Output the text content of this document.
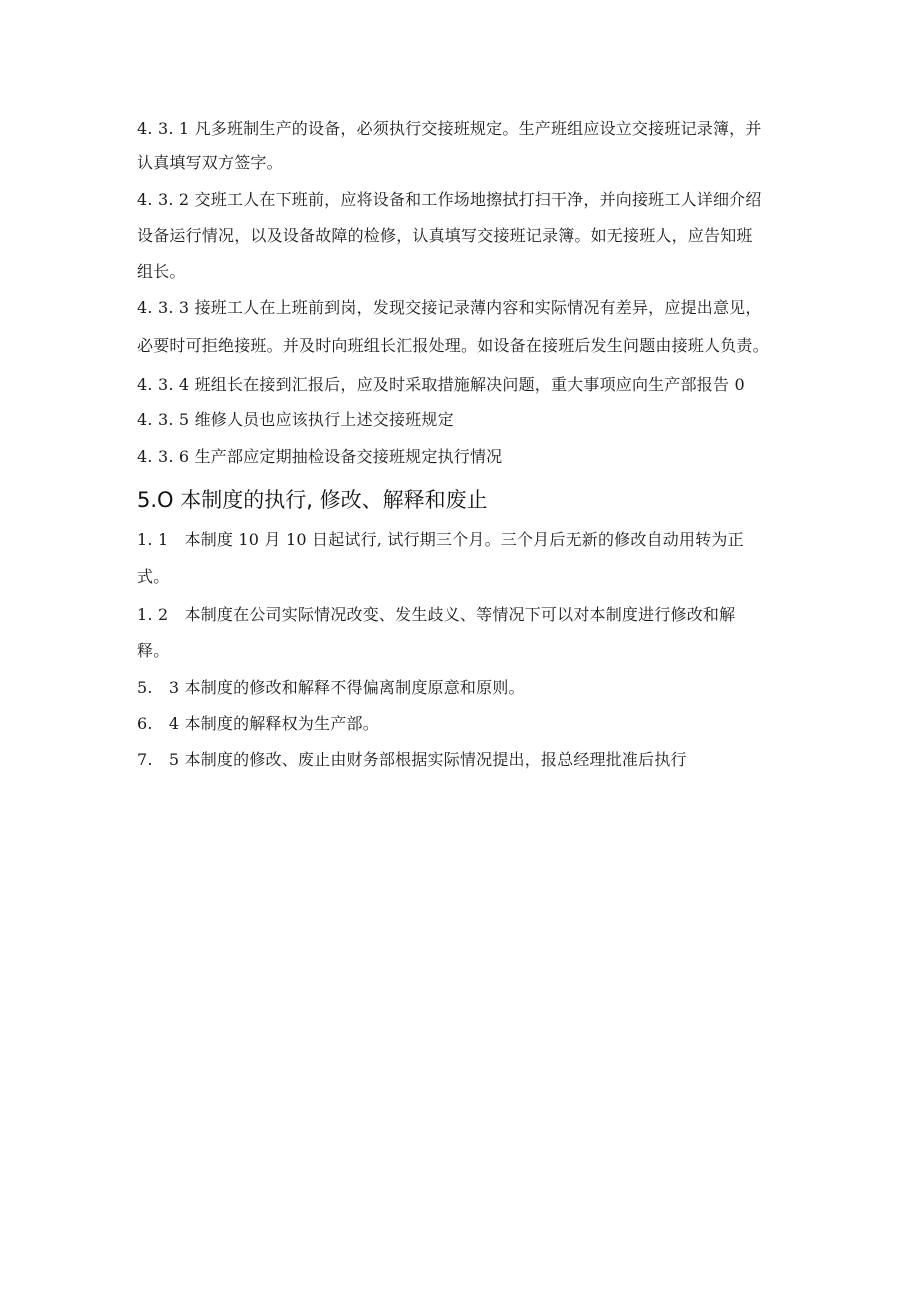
4. 3. 1 凡多班制生产的设备，必须执行交接班规定。生产班组应设立交接班记录簿，并
认真填写双方签字。
4. 3. 2 交班工人在下班前，应将设备和工作场地擦拭打扫干净，并向接班工人详细介绍
设备运行情况，以及设备故障的检修，认真填写交接班记录簿。如无接班人，应告知班
组长。
4. 3. 3 接班工人在上班前到岗，发现交接记录薄内容和实际情况有差异，应提出意见，
必要时可拒绝接班。并及时向班组长汇报处理。如设备在接班后发生问题由接班人负责。
4. 3. 4 班组长在接到汇报后，应及时采取措施解决问题，重大事项应向生产部报告 0
4. 3. 5 维修人员也应该执行上述交接班规定
4. 3. 6 生产部应定期抽检设备交接班规定执行情况
5.O 本制度的执行, 修改、解释和废止
1. 1　本制度 10 月 10 日起试行, 试行期三个月。三个月后无新的修改自动用转为正
式。
1. 2　本制度在公司实际情况改变、发生歧义、等情况下可以对本制度进行修改和解
释。
5.　3 本制度的修改和解释不得偏离制度原意和原则。
6.　4 本制度的解释权为生产部。
7.　5 本制度的修改、废止由财务部根据实际情况提出，报总经理批准后执行
